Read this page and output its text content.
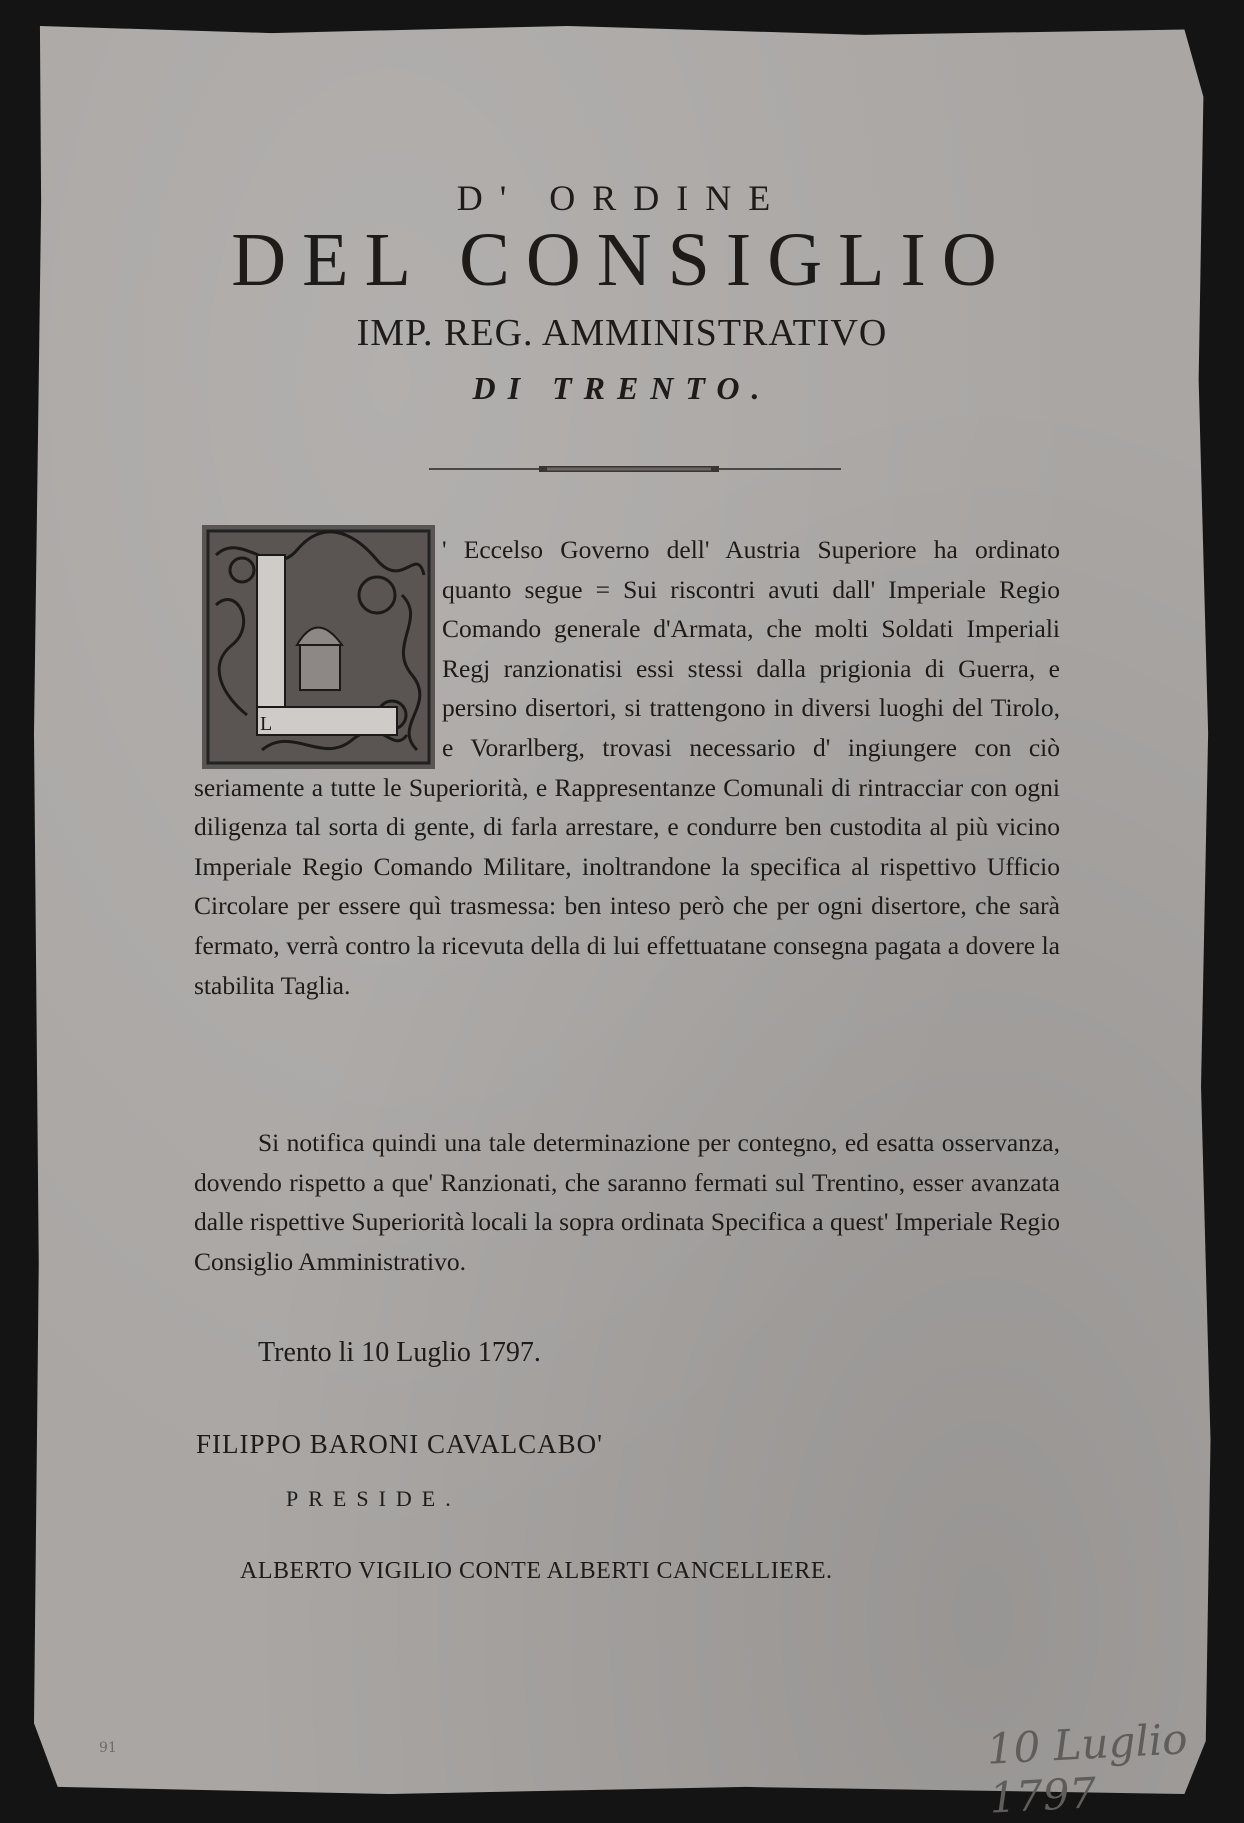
D' ORDINE
DEL CONSIGLIO
IMP. REG. AMMINISTRATIVO
DI TRENTO.
L

' Eccelso Governo dell' Austria Superiore ha ordinato quanto segue = Sui riscontri avuti dall' Imperiale Regio Comando generale d'Armata, che molti Soldati Imperiali Regj ranzionatisi essi stessi dalla prigionia di Guerra, e persino disertori, si trattengono in diversi luoghi del Tirolo, e Vorarlberg, trovasi necessario d' ingiungere con ciò seriamente a tutte le Superiorità, e Rappresentanze Comunali di rintracciar con ogni diligenza tal sorta di gente, di farla arrestare, e condurre ben custodita al più vicino Imperiale Regio Comando Militare, inoltrandone la specifica al rispettivo Ufficio Circolare per essere quì trasmessa: ben inteso però che per ogni disertore, che sarà fermato, verrà contro la ricevuta della di lui effettuatane consegna pagata a dovere la stabilita Taglia.

Si notifica quindi una tale determinazione per contegno, ed esatta osservanza, dovendo rispetto a que' Ranzionati, che saranno fermati sul Trentino, esser avanzata dalle rispettive Superiorità locali la sopra ordinata Specifica a quest' Imperiale Regio Consiglio Amministrativo.

Trento li 10 Luglio 1797.
FILIPPO BARONI CAVALCABO'
PRESIDE.
ALBERTO VIGILIO CONTE ALBERTI CANCELLIERE.
91	10 Luglio 1797
